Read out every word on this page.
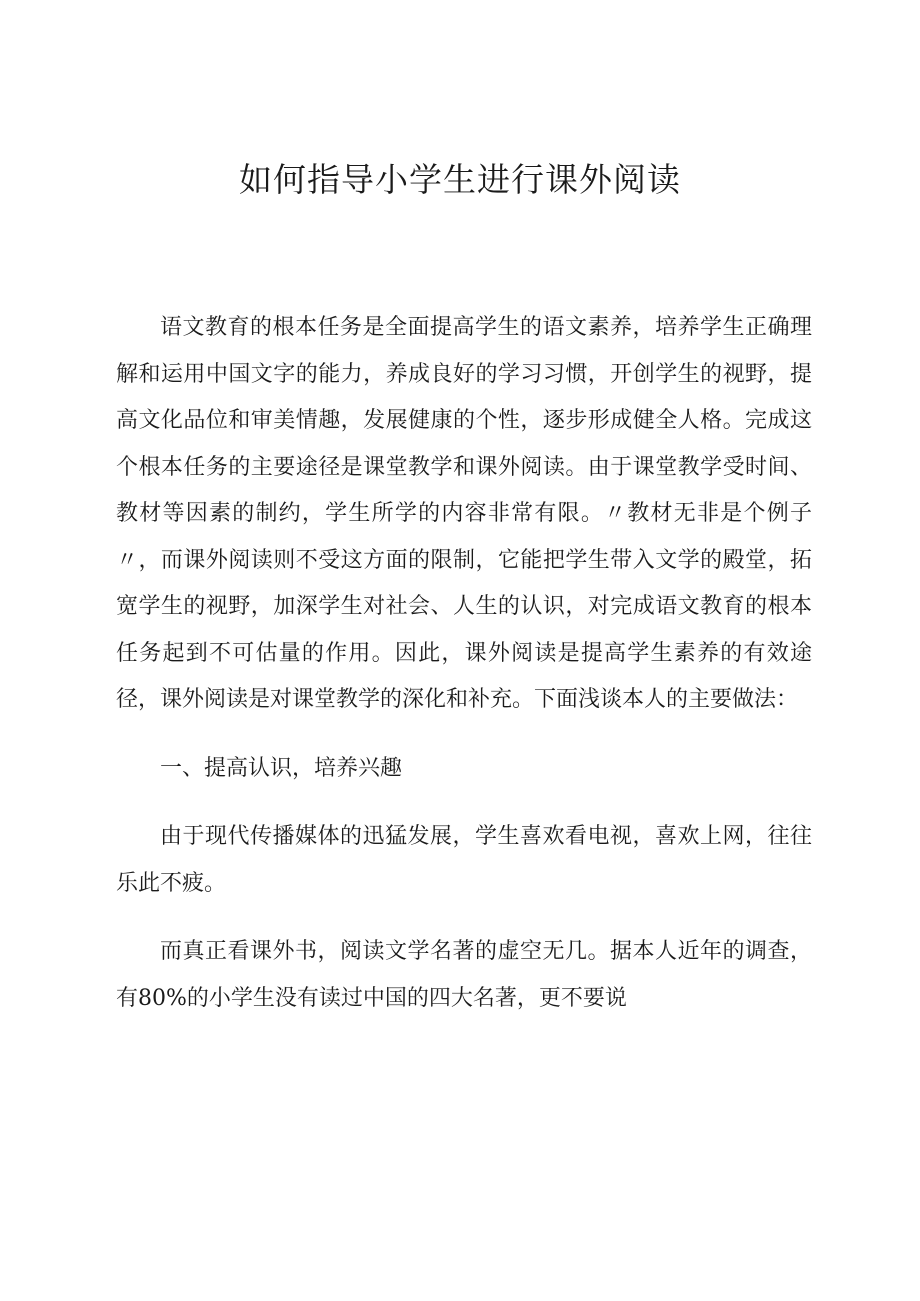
如何指导小学生进行课外阅读

语文教育的根本任务是全面提高学生的语文素养，培养学生正确理解和运用中国文字的能力，养成良好的学习习惯，开创学生的视野，提高文化品位和审美情趣，发展健康的个性，逐步形成健全人格。完成这个根本任务的主要途径是课堂教学和课外阅读。由于课堂教学受时间、教材等因素的制约，学生所学的内容非常有限。〃教材无非是个例子〃，而课外阅读则不受这方面的限制，它能把学生带入文学的殿堂，拓宽学生的视野，加深学生对社会、人生的认识，对完成语文教育的根本任务起到不可估量的作用。因此，课外阅读是提高学生素养的有效途径，课外阅读是对课堂教学的深化和补充。下面浅谈本人的主要做法：

一、提高认识，培养兴趣

由于现代传播媒体的迅猛发展，学生喜欢看电视，喜欢上网，往往乐此不疲。

而真正看课外书，阅读文学名著的虚空无几。据本人近年的调查，有80%的小学生没有读过中国的四大名著，更不要说
